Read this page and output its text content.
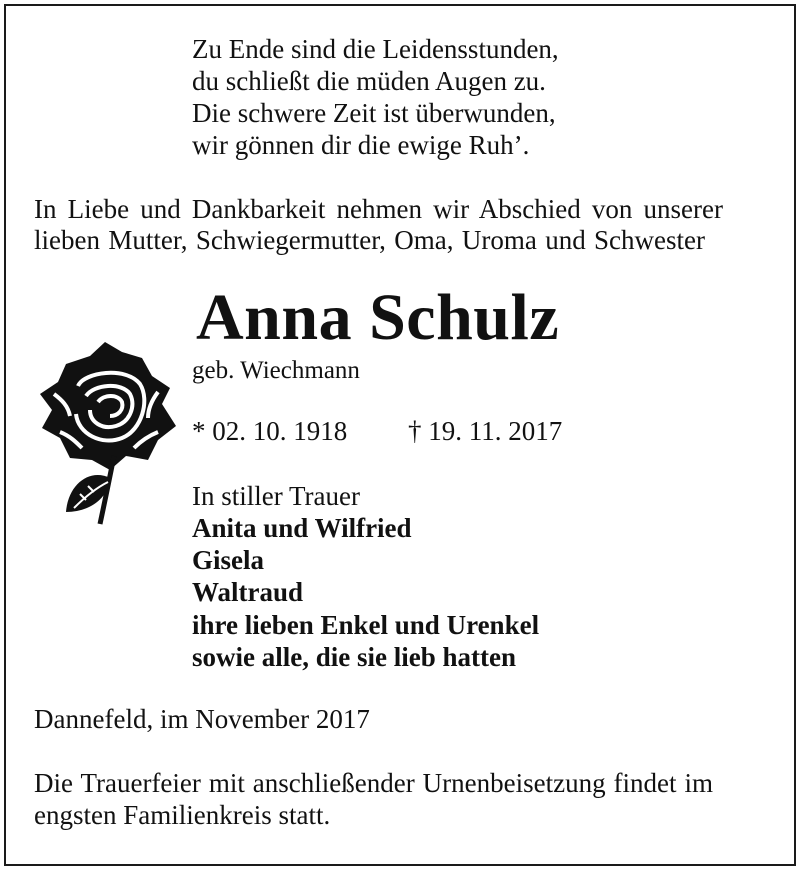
Zu Ende sind die Leidensstunden,
du schließt die müden Augen zu.
Die schwere Zeit ist überwunden,
wir gönnen dir die ewige Ruh’.

In Liebe und Dankbarkeit nehmen wir Abschied von unserer

lieben Mutter, Schwiegermutter, Oma, Uroma und Schwester

Anna Schulz

geb. Wiechmann

* 02. 10. 1918 † 19. 11. 2017

In stiller Trauer

Anita und Wilfried

Gisela

Waltraud

ihre lieben Enkel und Urenkel

sowie alle, die sie lieb hatten

Dannefeld, im November 2017

Die Trauerfeier mit anschließender Urnenbeisetzung findet im

engsten Familienkreis statt.
